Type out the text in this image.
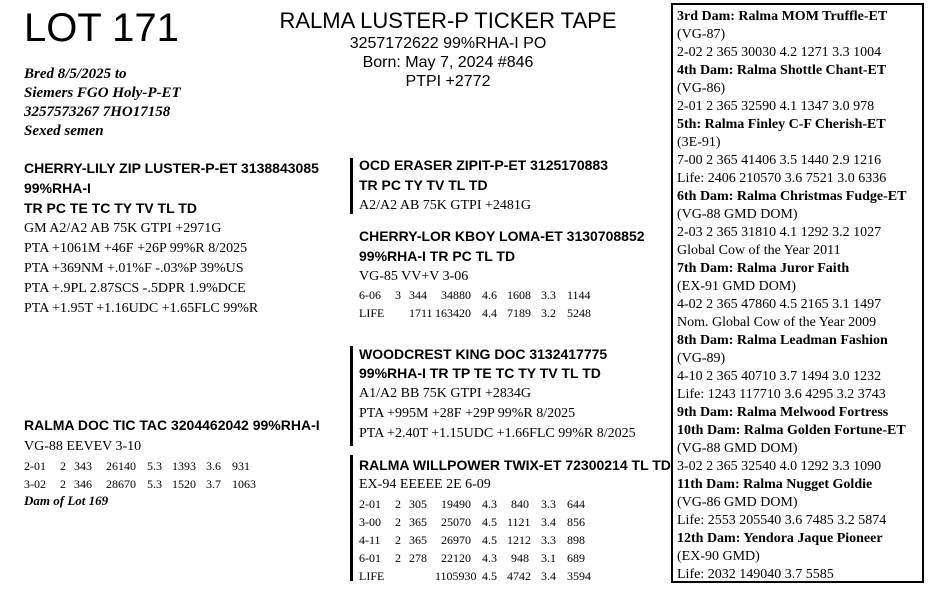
LOT 171	RALMA LUSTER-P TICKER TAPE
3257172622 99%RHA-I PO
Born: May 7, 2024 #846
PTPI +2772
Bred 8/5/2025 to
Siemers FGO Holy-P-ET
3257573267 7HO17158
Sexed semen
CHERRY-LILY ZIP LUSTER-P-ET 3138843085
99%RHA-I
TR PC TE TC TY TV TL TD
GM A2/A2 AB 75K GTPI +2971G
PTA +1061M +46F +26P 99%R 8/2025
PTA +369NM +.01%F -.03%P 39%US
PTA +.9PL 2.87SCS -.5DPR 1.9%DCE
PTA +1.95T +1.16UDC +1.65FLC 99%R
RALMA DOC TIC TAC 3204462042 99%RHA-I
VG-88 EEVEV 3-10
2-01 2 343 26140 5.3 1393 3.6 931
3-02 2 346 28670 5.3 1520 3.7 1063
Dam of Lot 169
OCD ERASER ZIPIT-P-ET 3125170883
TR PC TY TV TL TD
A2/A2 AB 75K GTPI +2481G
CHERRY-LOR KBOY LOMA-ET 3130708852
99%RHA-I TR PC TL TD
VG-85 VV+V 3-06
6-06 3 344 34880 4.6 1608 3.3 1144
LIFE 1711 163420 4.4 7189 3.2 5248
WOODCREST KING DOC 3132417775
99%RHA-I TR TP TE TC TY TV TL TD
A1/A2 BB 75K GTPI +2834G
PTA +995M +28F +29P 99%R 8/2025
PTA +2.40T +1.15UDC +1.66FLC 99%R 8/2025
RALMA WILLPOWER TWIX-ET 72300214 TL TD
EX-94 EEEEE 2E 6-09
2-01 2 305 19490 4.3 840 3.3 644
3-00 2 365 25070 4.5 1121 3.4 856
4-11 2 365 26970 4.5 1212 3.3 898
6-01 2 278 22120 4.3 948 3.1 689
LIFE	1105930 4.5 4742 3.4 3594
3rd Dam: Ralma MOM Truffle-ET
(VG-87)
2-02 2 365 30030 4.2 1271 3.3 1004
4th Dam: Ralma Shottle Chant-ET
(VG-86)
2-01 2 365 32590 4.1 1347 3.0 978
5th: Ralma Finley C-F Cherish-ET
(3E-91)
7-00 2 365 41406 3.5 1440 2.9 1216
Life: 2406 210570 3.6 7521 3.0 6336
6th Dam: Ralma Christmas Fudge-ET
(VG-88 GMD DOM)
2-03 2 365 31810 4.1 1292 3.2 1027
Global Cow of the Year 2011
7th Dam: Ralma Juror Faith
(EX-91 GMD DOM)
4-02 2 365 47860 4.5 2165 3.1 1497
Nom. Global Cow of the Year 2009
8th Dam: Ralma Leadman Fashion
(VG-89)
4-10 2 365 40710 3.7 1494 3.0 1232
Life: 1243 117710 3.6 4295 3.2 3743
9th Dam: Ralma Melwood Fortress
10th Dam: Ralma Golden Fortune-ET
(VG-88 GMD DOM)
3-02 2 365 32540 4.0 1292 3.3 1090
11th Dam: Ralma Nugget Goldie
(VG-86 GMD DOM)
Life: 2553 205540 3.6 7485 3.2 5874
12th Dam: Yendora Jaque Pioneer
(EX-90 GMD)
Life: 2032 149040 3.7 5585
